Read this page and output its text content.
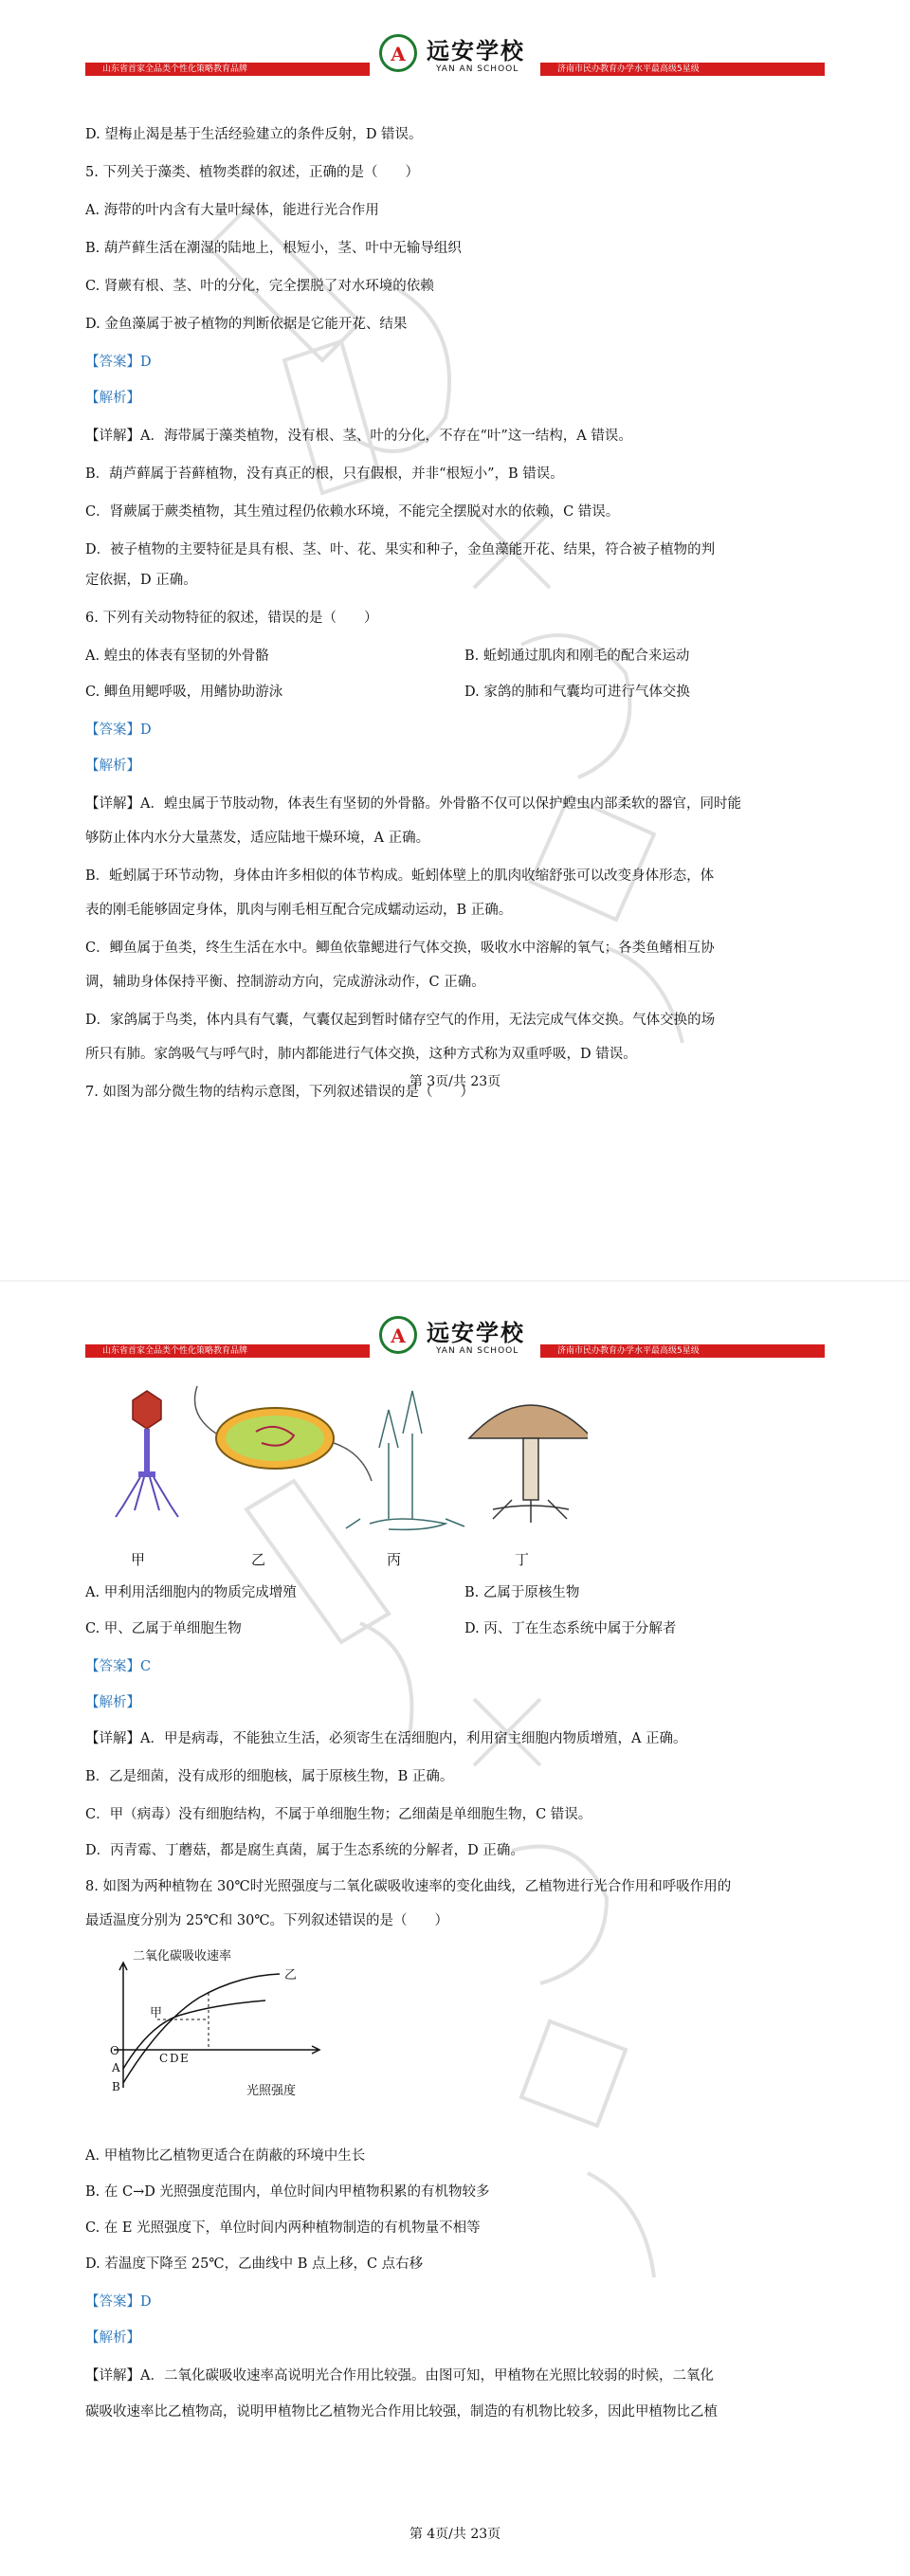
山东省首家全品类个性化策略教育品牌
A 远安学校
YAN AN SCHOOL	济南市民办教育办学水平最高级5星级
D. 望梅止渴是基于生活经验建立的条件反射，D 错误。
5. 下列关于藻类、植物类群的叙述，正确的是（　　）
A. 海带的叶内含有大量叶绿体，能进行光合作用
B. 葫芦藓生活在潮湿的陆地上，根短小，茎、叶中无输导组织
C. 肾蕨有根、茎、叶的分化，完全摆脱了对水环境的依赖
D. 金鱼藻属于被子植物的判断依据是它能开花、结果
【答案】D
【解析】
【详解】A．海带属于藻类植物，没有根、茎、叶的分化，不存在“叶”这一结构，A 错误。
B．葫芦藓属于苔藓植物，没有真正的根，只有假根，并非“根短小”，B 错误。
C．肾蕨属于蕨类植物，其生殖过程仍依赖水环境，不能完全摆脱对水的依赖，C 错误。
D．被子植物的主要特征是具有根、茎、叶、花、果实和种子，金鱼藻能开花、结果，符合被子植物的判
定依据，D 正确。
6. 下列有关动物特征的叙述，错误的是（　　）
A. 蝗虫的体表有坚韧的外骨骼	B. 蚯蚓通过肌肉和刚毛的配合来运动
C. 鲫鱼用鳃呼吸，用鳍协助游泳	D. 家鸽的肺和气囊均可进行气体交换
【答案】D
【解析】
【详解】A．蝗虫属于节肢动物，体表生有坚韧的外骨骼。外骨骼不仅可以保护蝗虫内部柔软的器官，同时能
够防止体内水分大量蒸发，适应陆地干燥环境，A 正确。
B．蚯蚓属于环节动物，身体由许多相似的体节构成。蚯蚓体壁上的肌肉收缩舒张可以改变身体形态，体
表的刚毛能够固定身体，肌肉与刚毛相互配合完成蠕动运动，B 正确。
C．鲫鱼属于鱼类，终生生活在水中。鲫鱼依靠鳃进行气体交换，吸收水中溶解的氧气；各类鱼鳍相互协
调，辅助身体保持平衡、控制游动方向，完成游泳动作，C 正确。
D．家鸽属于鸟类，体内具有气囊，气囊仅起到暂时储存空气的作用，无法完成气体交换。气体交换的场
所只有肺。家鸽吸气与呼气时，肺内都能进行气体交换，这种方式称为双重呼吸，D 错误。
7. 如图为部分微生物的结构示意图，下列叙述错误的是（　　）
第 3页/共 23页
山东省首家全品类个性化策略教育品牌
A 远安学校
YAN AN SCHOOL	济南市民办教育办学水平最高级5星级
甲	乙	丙	丁
A. 甲利用活细胞内的物质完成增殖	B. 乙属于原核生物
C. 甲、乙属于单细胞生物	D. 丙、丁在生态系统中属于分解者
【答案】C
【解析】
【详解】A．甲是病毒，不能独立生活，必须寄生在活细胞内，利用宿主细胞内物质增殖，A 正确。
B．乙是细菌，没有成形的细胞核，属于原核生物，B 正确。
C．甲（病毒）没有细胞结构，不属于单细胞生物；乙细菌是单细胞生物，C 错误。
D．丙青霉、丁蘑菇，都是腐生真菌，属于生态系统的分解者，D 正确。
8. 如图为两种植物在 30℃时光照强度与二氧化碳吸收速率的变化曲线，乙植物进行光合作用和呼吸作用的
最适温度分别为 25℃和 30℃。下列叙述错误的是（　　）
二氧化碳吸收速率
光照强度
甲
乙
O
A
B
C D E
A. 甲植物比乙植物更适合在荫蔽的环境中生长
B. 在 C→D 光照强度范围内，单位时间内甲植物积累的有机物较多
C. 在 E 光照强度下，单位时间内两种植物制造的有机物量不相等
D. 若温度下降至 25℃，乙曲线中 B 点上移，C 点右移
【答案】D
【解析】
【详解】A．二氧化碳吸收速率高说明光合作用比较强。由图可知，甲植物在光照比较弱的时候，二氧化
碳吸收速率比乙植物高，说明甲植物比乙植物光合作用比较强，制造的有机物比较多，因此甲植物比乙植
第 4页/共 23页
